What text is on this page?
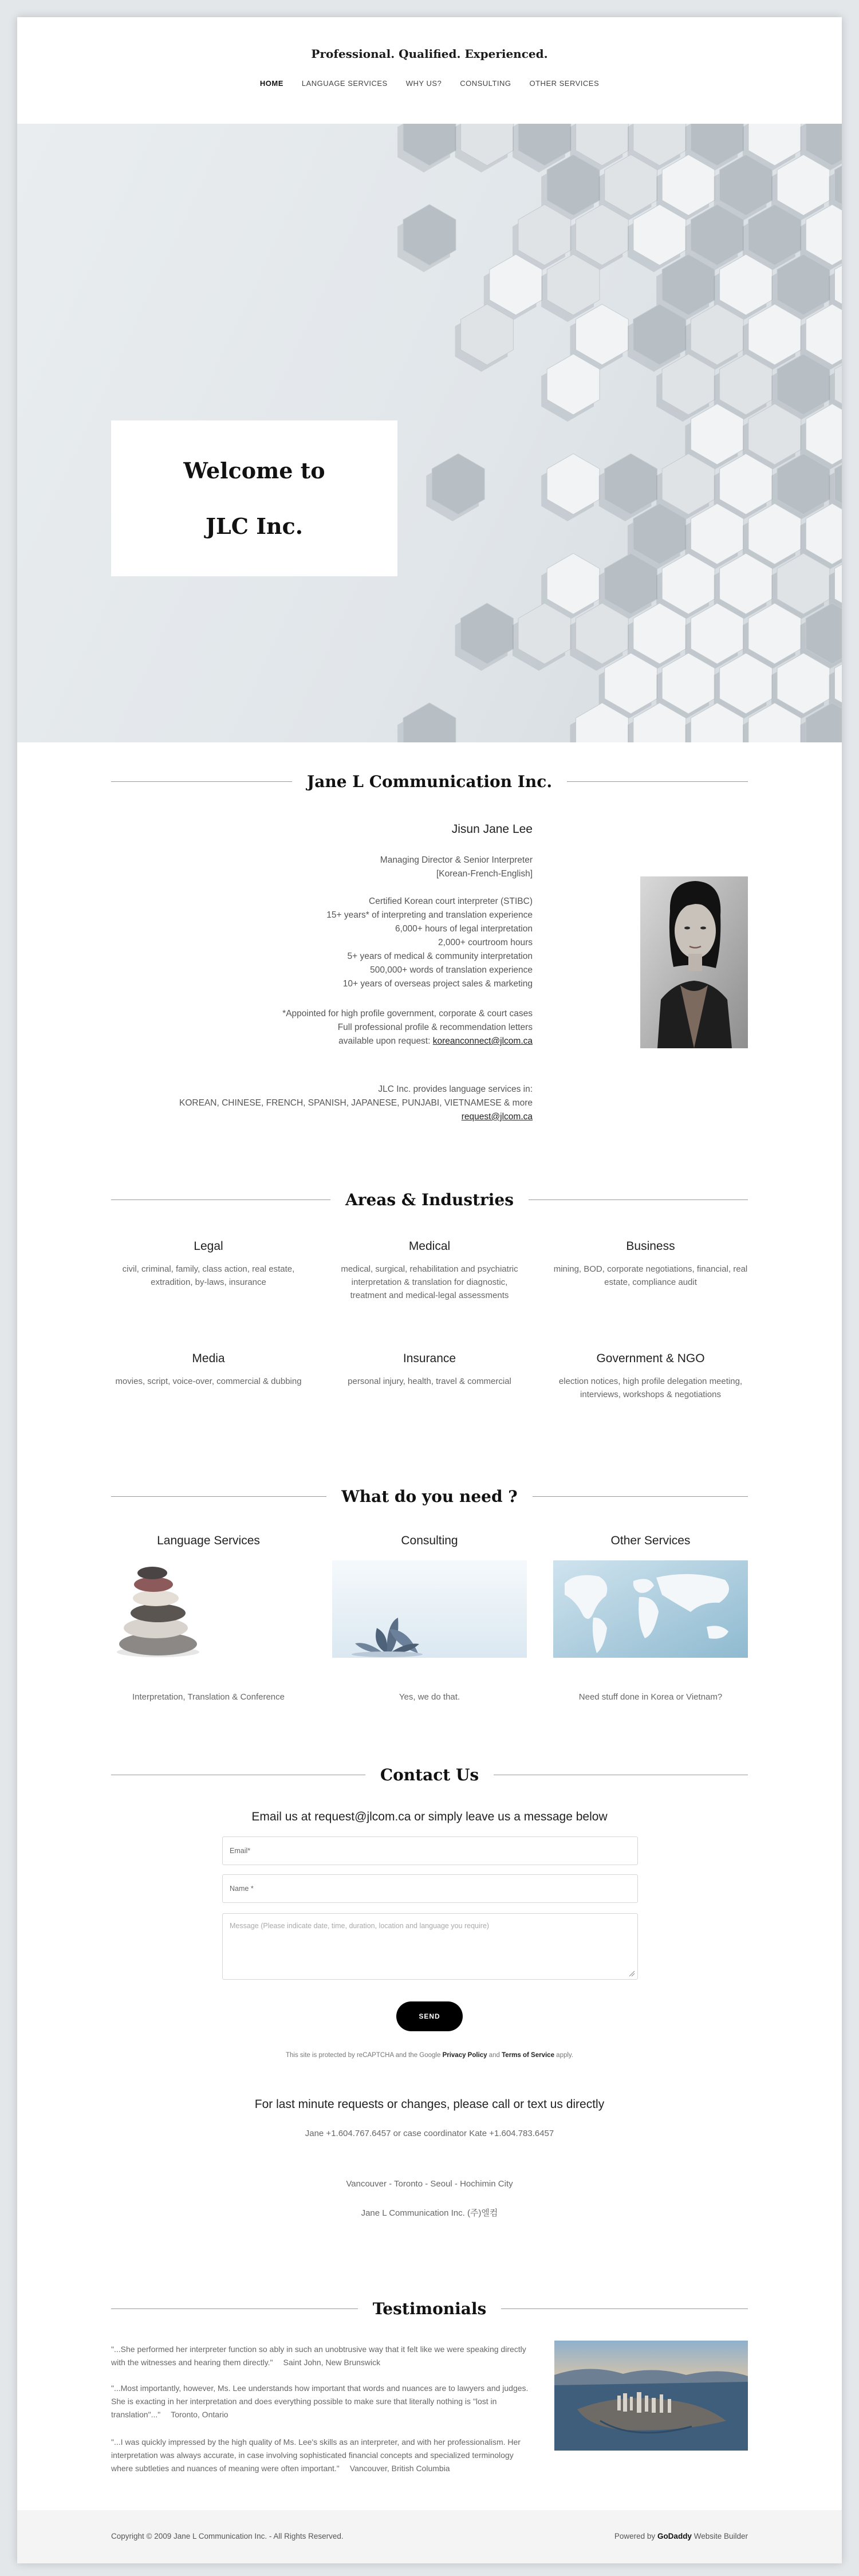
Professional. Qualified. Experienced.
HOME LANGUAGE SERVICES WHY US? CONSULTING OTHER SERVICES
Welcome to
JLC Inc.
Jane L Communication Inc.
Jisun Jane Lee
Managing Director & Senior Interpreter
[Korean-French-English]
Certified Korean court interpreter (STIBC)
15+ years* of interpreting and translation experience
6,000+ hours of legal interpretation
2,000+ courtroom hours
5+ years of medical & community interpretation
500,000+ words of translation experience
10+ years of overseas project sales & marketing
*Appointed for high profile government, corporate & court cases
Full professional profile & recommendation letters
available upon request: koreanconnect@jlcom.ca
JLC Inc. provides language services in:
KOREAN, CHINESE, FRENCH, SPANISH, JAPANESE, PUNJABI, VIETNAMESE & more
request@jlcom.ca
Areas & Industries
Legal

civil, criminal, family, class action, real estate, extradition, by-laws, insurance

Medical

medical, surgical, rehabilitation and psychiatric interpretation & translation for diagnostic, treatment and medical-legal assessments

Business

mining, BOD, corporate negotiations, financial, real estate, compliance audit

Media

movies, script, voice-over, commercial & dubbing

Insurance

personal injury, health, travel & commercial

Government & NGO

election notices, high profile delegation meeting, interviews, workshops & negotiations

What do you need ?
Language Services	Consulting	Other Services
Interpretation, Translation & Conference	Yes, we do that.	Need stuff done in Korea or Vietnam?
Contact Us
Email us at request@jlcom.ca or simply leave us a message below
Email*
Name *
Message (Please indicate date, time, duration, location and language you require)
SEND
This site is protected by reCAPTCHA and the Google Privacy Policy and Terms of Service apply.
For last minute requests or changes, please call or text us directly
Jane +1.604.767.6457 or case coordinator Kate +1.604.783.6457
Vancouver - Toronto - Seoul - Hochimin City
Jane L Communication Inc. (주)엘컴
Testimonials
"...She performed her interpreter function so ably in such an unobtrusive way that it felt like we were speaking directly with the witnesses and hearing them directly." Saint John, New Brunswick
"...Most importantly, however, Ms. Lee understands how important that words and nuances are to lawyers and judges. She is exacting in her interpretation and does everything possible to make sure that literally nothing is "lost in translation"..." Toronto, Ontario
"...I was quickly impressed by the high quality of Ms. Lee's skills as an interpreter, and with her professionalism. Her interpretation was always accurate, in case involving sophisticated financial concepts and specialized terminology where subtleties and nuances of meaning were often important." Vancouver, British Columbia
Copyright © 2009 Jane L Communication Inc. - All Rights Reserved.	Powered by GoDaddy Website Builder
